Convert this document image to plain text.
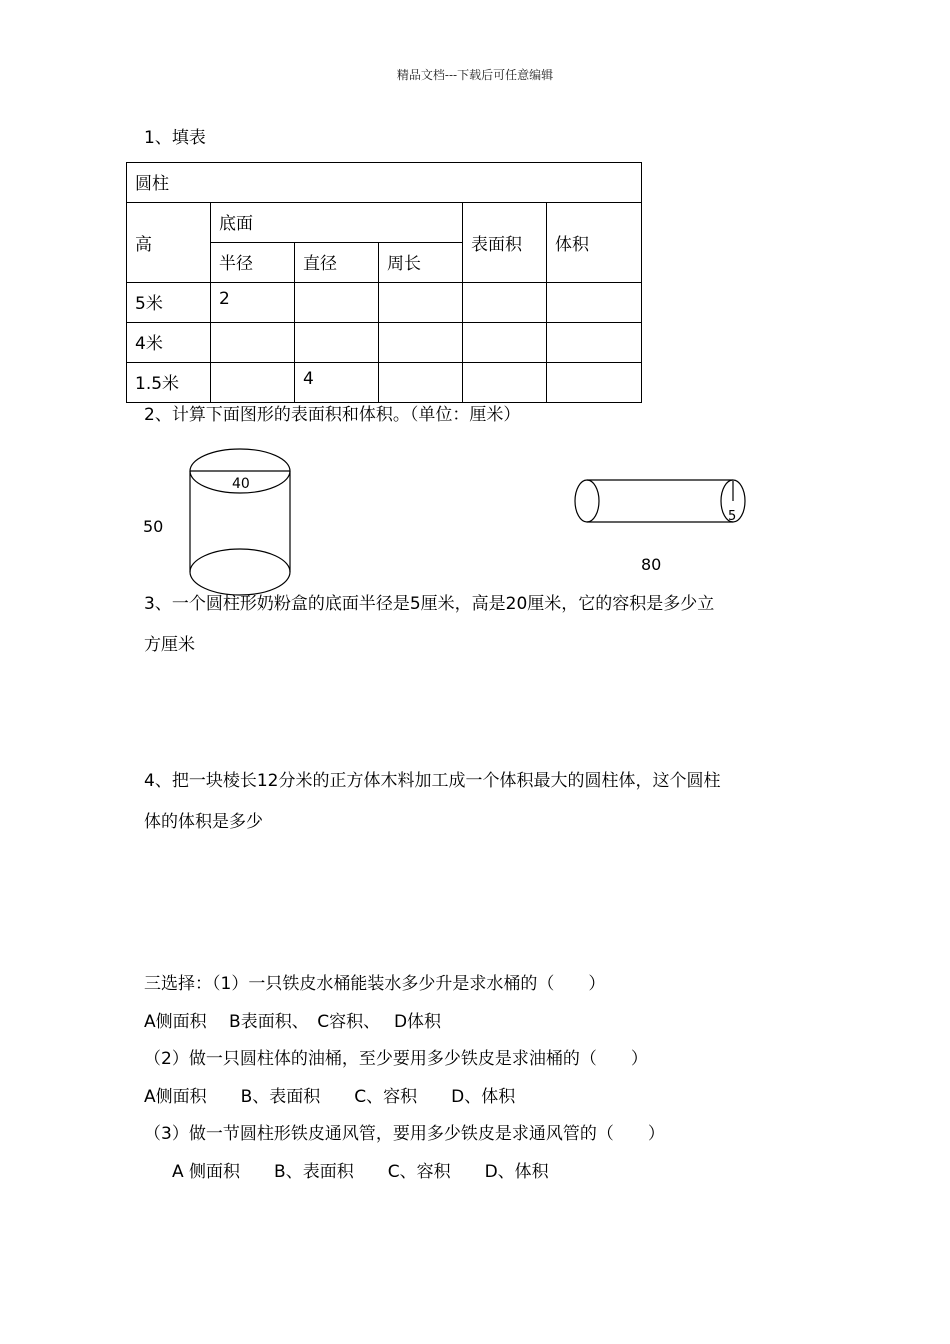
精品文档---下载后可任意编辑
1、填表
圆柱					

高	底面			表面积	体积

	半径	直径	周长		

5米	2				

4米					

1.5米		4			

2、计算下面图形的表面积和体积。（单位：厘米）
40
50
5
80
3、一个圆柱形奶粉盒的底面半径是5厘米，高是20厘米，它的容积是多少立
方厘米
4、把一块棱长12分米的正方体木料加工成一个体积最大的圆柱体，这个圆柱
体的体积是多少
三选择：（1）一只铁皮水桶能装水多少升是求水桶的（　　）
A侧面积　 B表面积、　C容积、　 D体积
（2）做一只圆柱体的油桶，至少要用多少铁皮是求油桶的（　　）
A侧面积　　B、表面积　　C、容积　　D、体积
（3）做一节圆柱形铁皮通风管，要用多少铁皮是求通风管的（　　）
A 侧面积　　B、表面积　　C、容积　　D、体积
